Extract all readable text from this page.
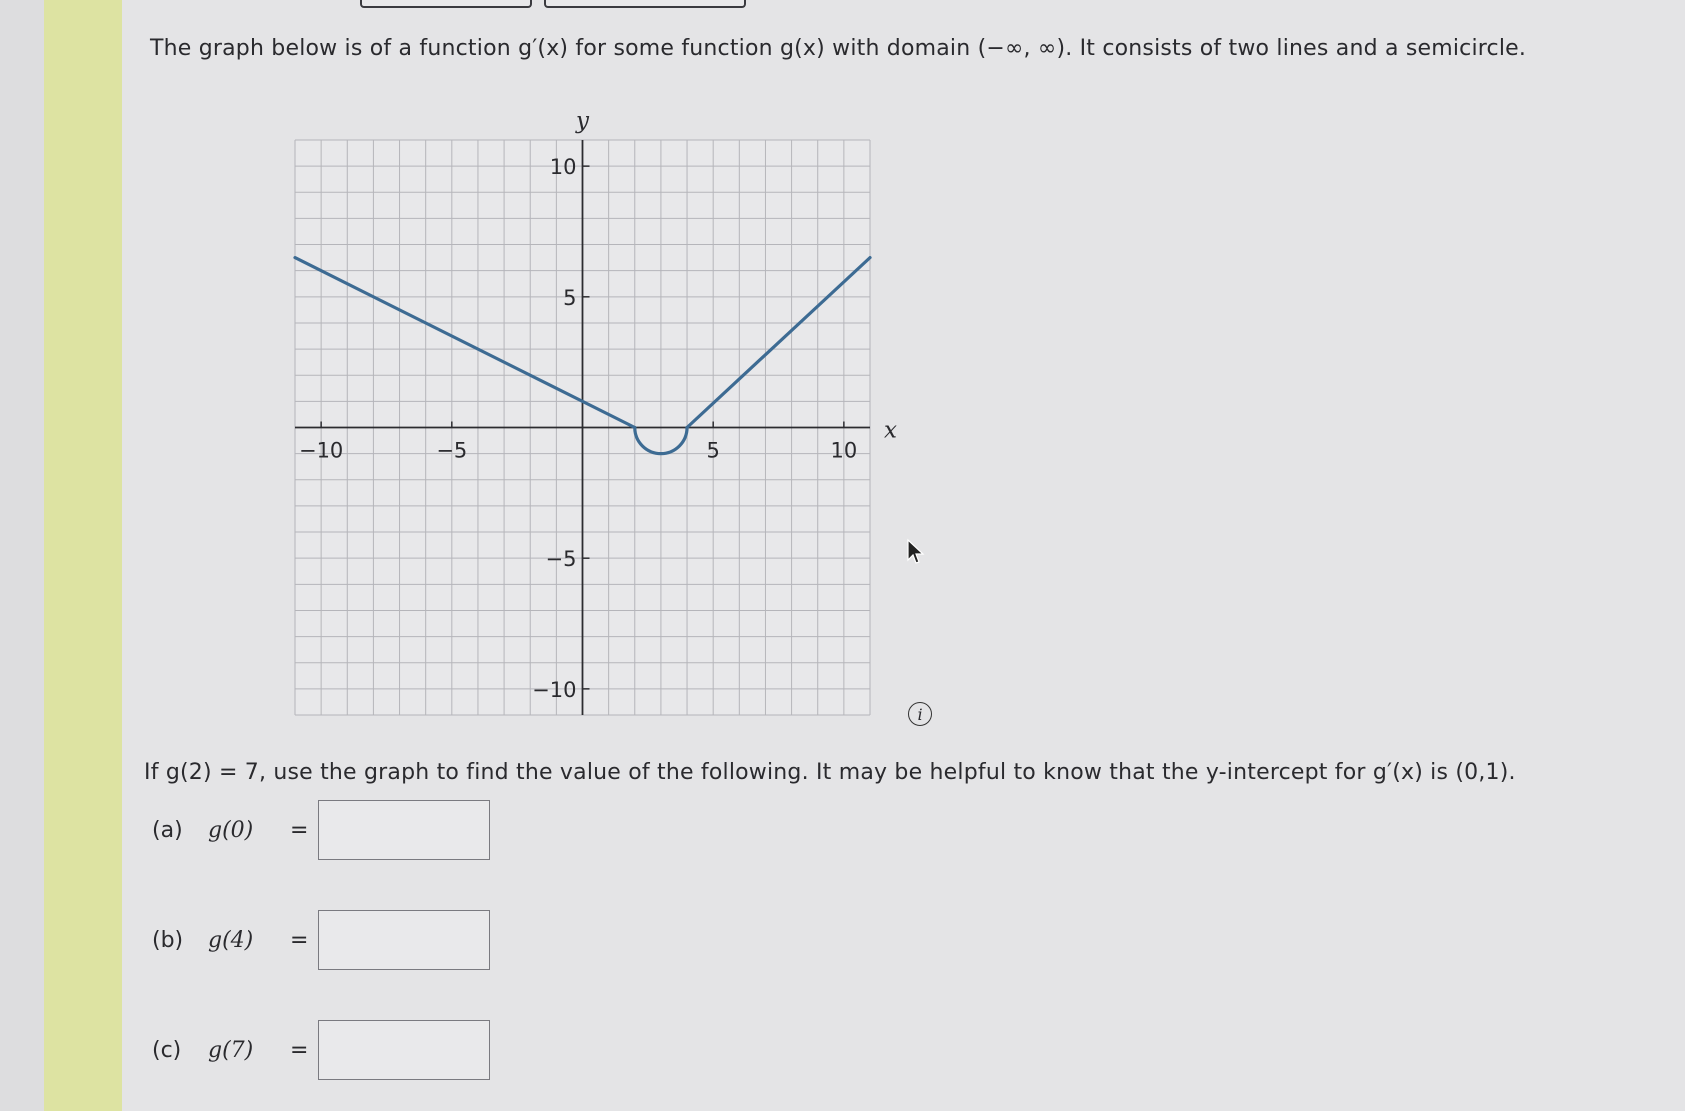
The graph below is of a function g′(x) for some function g(x) with domain (−∞, ∞). It consists of two lines and a semicircle.
−10	−5	5	10
10
5
−5
−10
x
y
i
If g(2) = 7, use the graph to find the value of the following. It may be helpful to know that the y-intercept for g′(x) is (0,1).
(a)	g(0)	=
(b)	g(4)	=
(c)	g(7)	=
